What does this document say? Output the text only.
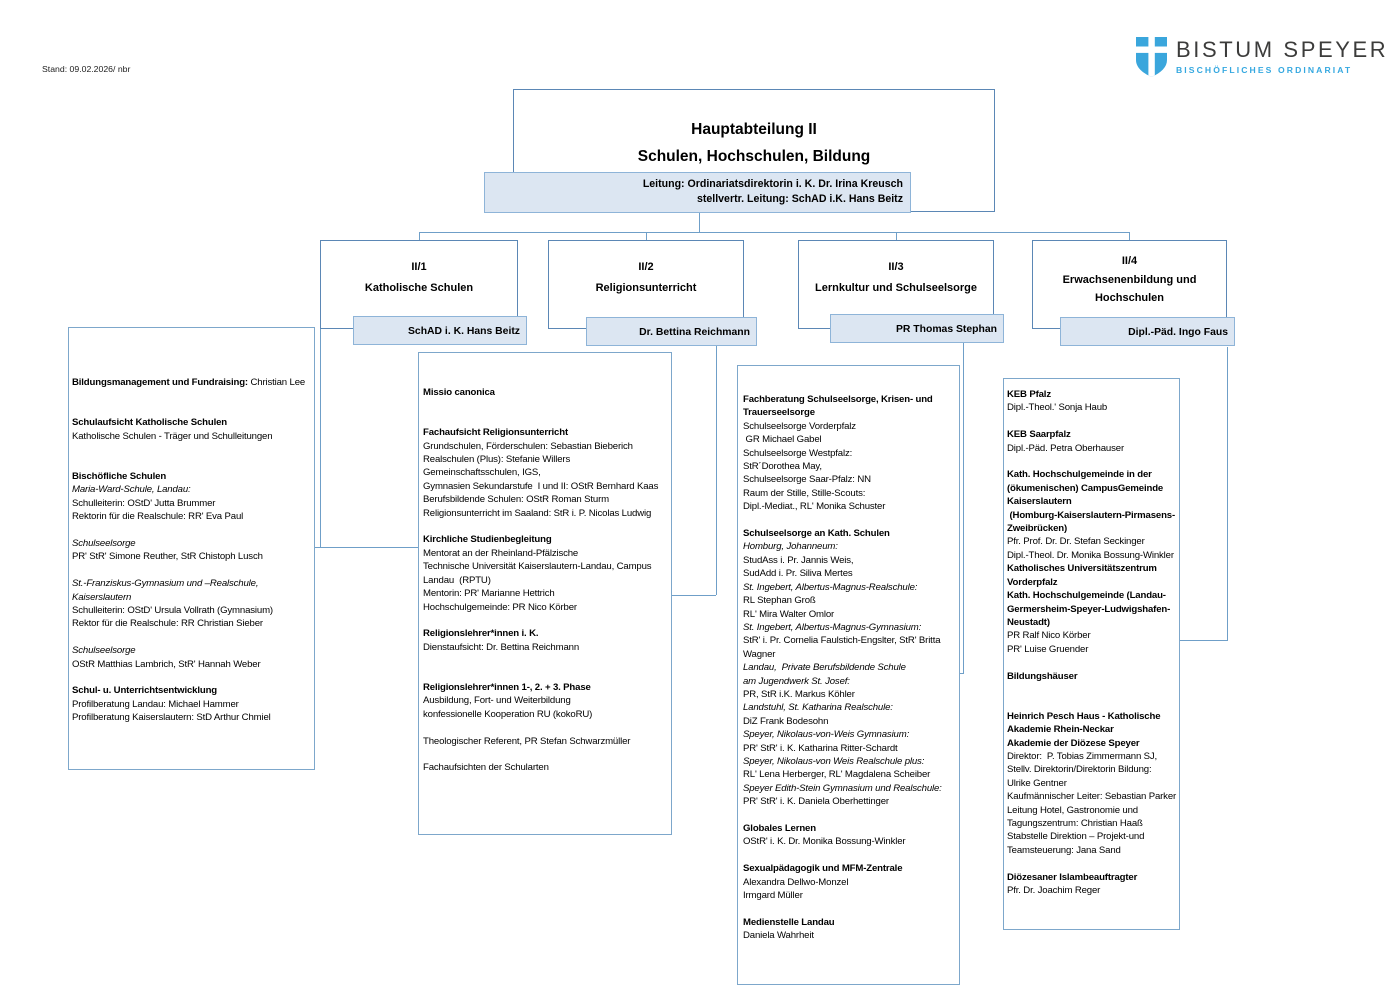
Stand: 09.02.2026/ nbr
BISTUM SPEYER
BISCHÖFLICHES ORDINARIAT
Hauptabteilung II
Schulen, Hochschulen, Bildung
Leitung: Ordinariatsdirektorin i. K. Dr. Irina Kreusch
stellvertr. Leitung: SchAD i.K. Hans Beitz
II/1
Katholische Schulen
II/2
Religionsunterricht
II/3
Lernkultur und Schulseelsorge
II/4
Erwachsenenbildung und Hochschulen
SchAD i. K. Hans Beitz	Dr. Bettina Reichmann	PR Thomas Stephan	Dipl.-Päd. Ingo Faus
Bildungsmanagement und Fundraising: Christian Lee

Schulaufsicht Katholische Schulen
Katholische Schulen - Träger und Schulleitungen

Bischöfliche Schulen
Maria-Ward-Schule, Landau:
Schulleiterin: OStD' Jutta Brummer
Rektorin für die Realschule: RR' Eva Paul

Schulseelsorge
PR' StR' Simone Reuther, StR Chistoph Lusch

St.-Franziskus-Gymnasium und –Realschule,
Kaiserslautern
Schulleiterin: OStD' Ursula Vollrath (Gymnasium)
Rektor für die Realschule: RR Christian Sieber

Schulseelsorge
OStR Matthias Lambrich, StR' Hannah Weber

Schul- u. Unterrichtsentwicklung
Profilberatung Landau: Michael Hammer
Profilberatung Kaiserslautern: StD Arthur Chmiel
Missio canonica

Fachaufsicht Religionsunterricht
Grundschulen, Förderschulen: Sebastian Bieberich
Realschulen (Plus): Stefanie Willers
Gemeinschaftsschulen, IGS,
Gymnasien Sekundarstufe  I und II: OStR Bernhard Kaas
Berufsbildende Schulen: OStR Roman Sturm
Religionsunterricht im Saaland: StR i. P. Nicolas Ludwig

Kirchliche Studienbegleitung
Mentorat an der Rheinland-Pfälzische
Technische Universität Kaiserslautern-Landau, Campus
Landau  (RPTU)
Mentorin: PR' Marianne Hettrich
Hochschulgemeinde: PR Nico Körber

Religionslehrer*innen i. K.
Dienstaufsicht: Dr. Bettina Reichmann

Religionslehrer*innen 1-, 2. + 3. Phase
Ausbildung, Fort- und Weiterbildung
konfessionelle Kooperation RU (kokoRU)

Theologischer Referent, PR Stefan Schwarzmüller

Fachaufsichten der Schularten
Fachberatung Schulseelsorge, Krisen- und
Trauerseelsorge
Schulseelsorge Vorderpfalz
GR Michael Gabel
Schulseelsorge Westpfalz:
StR´Dorothea May,
Schulseelsorge Saar-Pfalz: NN
Raum der Stille, Stille-Scouts:
Dipl.-Mediat., RL' Monika Schuster

Schulseelsorge an Kath. Schulen
Homburg, Johanneum:
StudAss i. Pr. Jannis Weis,
SudAdd i. Pr. Siliva Mertes
St. Ingebert, Albertus-Magnus-Realschule:
RL Stephan Groß
RL' Mira Walter Omlor
St. Ingebert, Albertus-Magnus-Gymnasium:
StR' i. Pr. Cornelia Faulstich-Engslter, StR' Britta
Wagner
Landau,  Private Berufsbildende Schule
am Jugendwerk St. Josef:
PR, StR i.K. Markus Köhler
Landstuhl, St. Katharina Realschule:
DiZ Frank Bodesohn
Speyer, Nikolaus-von-Weis Gymnasium:
PR' StR' i. K. Katharina Ritter-Schardt
Speyer, Nikolaus-von Weis Realschule plus:
RL' Lena Herberger, RL' Magdalena Scheiber
Speyer Edith-Stein Gymnasium und Realschule:
PR' StR' i. K. Daniela Oberhettinger

Globales Lernen
OStR' i. K. Dr. Monika Bossung-Winkler

Sexualpädagogik und MFM-Zentrale
Alexandra Dellwo-Monzel
Irmgard Müller

Medienstelle Landau
Daniela Wahrheit
KEB Pfalz
Dipl.-Theol.' Sonja Haub

KEB Saarpfalz
Dipl.-Päd. Petra Oberhauser

Kath. Hochschulgemeinde in der
(ökumenischen) CampusGemeinde
Kaiserslautern
(Homburg-Kaiserslautern-Pirmasens-
Zweibrücken)
Pfr. Prof. Dr. Dr. Stefan Seckinger
Dipl.-Theol. Dr. Monika Bossung-Winkler
Katholisches Universitätszentrum
Vorderpfalz
Kath. Hochschulgemeinde (Landau-
Germersheim-Speyer-Ludwigshafen-
Neustadt)
PR Ralf Nico Körber
PR' Luise Gruender

Bildungshäuser

Heinrich Pesch Haus - Katholische
Akademie Rhein-Neckar
Akademie der Diözese Speyer
Direktor:  P. Tobias Zimmermann SJ,
Stellv. Direktorin/Direktorin Bildung:
Ulrike Gentner
Kaufmännischer Leiter: Sebastian Parker
Leitung Hotel, Gastronomie und
Tagungszentrum: Christian Haaß
Stabstelle Direktion – Projekt-und
Teamsteuerung: Jana Sand

Diözesaner Islambeauftragter
Pfr. Dr. Joachim Reger
